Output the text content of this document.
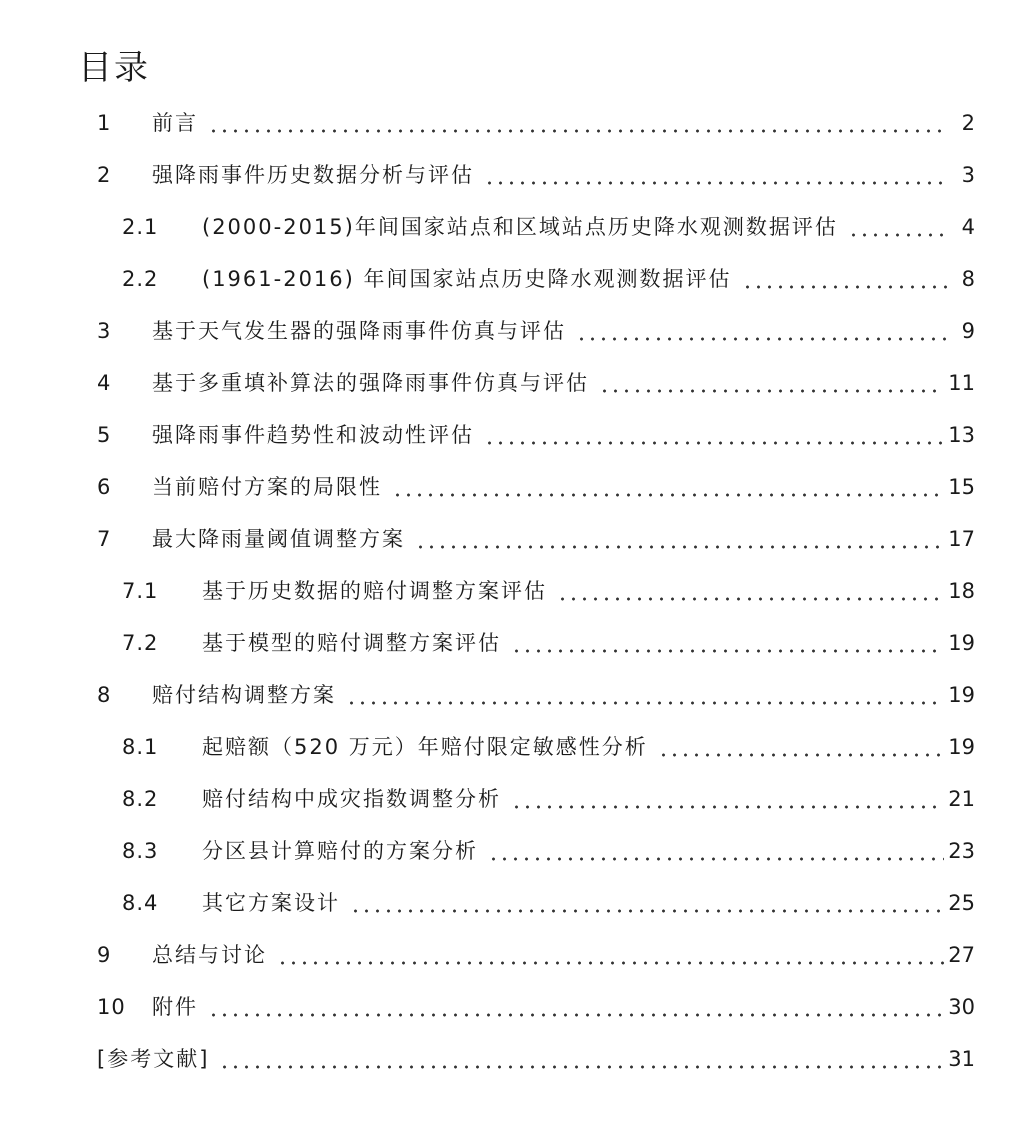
目录
1 前言	2
2 强降雨事件历史数据分析与评估	3
2.1 (2000-2015)年间国家站点和区域站点历史降水观测数据评估	4
2.2 (1961-2016) 年间国家站点历史降水观测数据评估	8
3 基于天气发生器的强降雨事件仿真与评估	9
4 基于多重填补算法的强降雨事件仿真与评估	11
5 强降雨事件趋势性和波动性评估	13
6 当前赔付方案的局限性	15
7 最大降雨量阈值调整方案	17
7.1 基于历史数据的赔付调整方案评估	18
7.2 基于模型的赔付调整方案评估	19
8 赔付结构调整方案	19
8.1 起赔额（520 万元）年赔付限定敏感性分析	19
8.2 赔付结构中成灾指数调整分析	21
8.3 分区县计算赔付的方案分析	23
8.4 其它方案设计	25
9 总结与讨论	27
10 附件	30
[参考文献]	31
